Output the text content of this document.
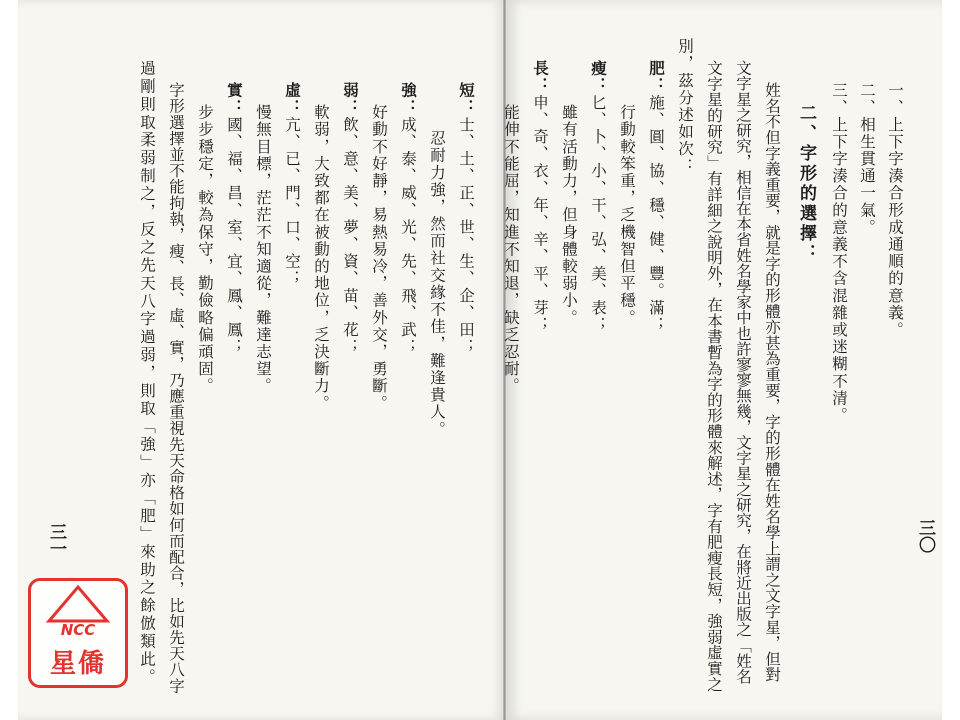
短：士、土、正、世、生、企、田；
忍耐力強，然而社交緣不佳，難逢貴人。
強：成、泰、威、光、先、飛、武；
好動不好靜，易熱易冷，善外交，勇斷。
弱：飲、意、美、夢、資、苗、花；
軟弱，大致都在被動的地位，乏決斷力。
虛：亢、已、門、口、空；
慢無目標，茫茫不知適從，難達志望。
實：國、福、昌、室、宜、鳳、鳳；
步步穩定，較為保守，勤儉略偏頑固。
字形選擇並不能拘執，瘦、長、虛、實，乃應重視先天命格如何而配合，比如先天八字
過剛則取柔弱制之，反之先天八字過弱，則取「強」亦「肥」來助之餘倣類此。
三一
一、上下字湊合形成通順的意義。
二、相生貫通一氣。
三、上下字湊合的意義不含混雜或迷糊不清。
二、字形的選擇：
姓名不但字義重要，就是字的形體亦甚為重要，字的形體在姓名學上謂之文字星，但對
文字星之研究，相信在本省姓名學家中也許寥寥無幾，文字星之研究，在將近出版之「姓名
文字星的研究」有詳細之說明外，在本書暫為字的形體來解述，字有肥瘦長短，強弱虛實之
別，茲分述如次：
肥：施、圓、協、穩、健、豐。滿；
行動較笨重，乏機智但平穩。
瘦：匕、卜、小、干、弘、美、表；
雖有活動力，但身體較弱小。
長：申、奇、衣、年、辛、平、芽；
能伸不能屈，知進不知退，缺乏忍耐。
三〇
NCC
星僑
